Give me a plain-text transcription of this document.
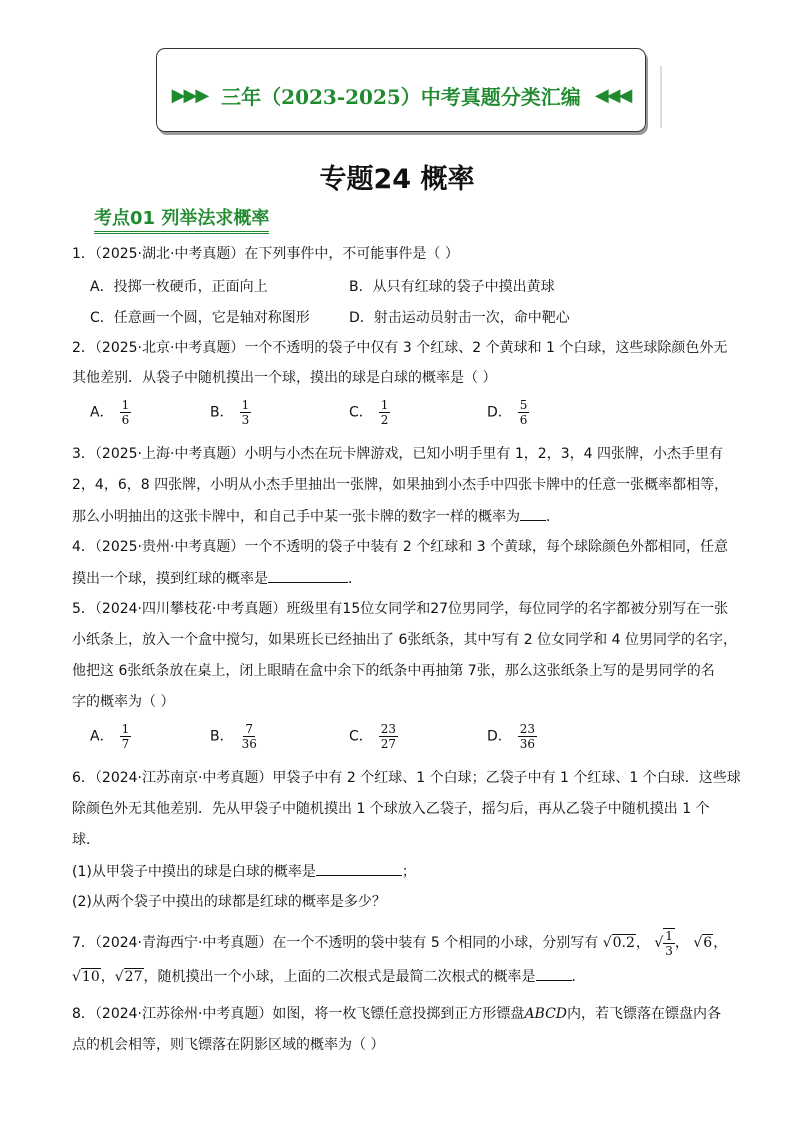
▶▶▶ 三年（2023-2025）中考真题分类汇编 ◀◀◀
专题24 概率
考点01 列举法求概率
1．（2025·湖北·中考真题）在下列事件中，不可能事件是（ ）
A．投掷一枚硬币，正面向上	B．从只有红球的袋子中摸出黄球
C．任意画一个圆，它是轴对称图形	D．射击运动员射击一次，命中靶心
2．（2025·北京·中考真题）一个不透明的袋子中仅有 3 个红球、2 个黄球和 1 个白球，这些球除颜色外无
其他差别．从袋子中随机摸出一个球，摸出的球是白球的概率是（ ）
A． $\frac{1}{6}$	B． $\frac{1}{3}$	C． $\frac{1}{2}$	D． $\frac{5}{6}$
3．（2025·上海·中考真题）小明与小杰在玩卡牌游戏，已知小明手里有 1，2，3，4 四张牌，小杰手里有
2，4，6，8 四张牌，小明从小杰手里抽出一张牌，如果抽到小杰手中四张卡牌中的任意一张概率都相等，
那么小明抽出的这张卡牌中，和自己手中某一张卡牌的数字一样的概率为 ．
4．（2025·贵州·中考真题）一个不透明的袋子中装有 2 个红球和 3 个黄球，每个球除颜色外都相同，任意
摸出一个球，摸到红球的概率是	．
5．（2024·四川攀枝花·中考真题）班级里有15位女同学和27位男同学，每位同学的名字都被分别写在一张
小纸条上，放入一个盒中搅匀，如果班长已经抽出了 6张纸条，其中写有 2 位女同学和 4 位男同学的名字，
他把这 6张纸条放在桌上，闭上眼睛在盒中余下的纸条中再抽第 7张，那么这张纸条上写的是男同学的名
字的概率为（ ）
A． $\frac{1}{7}$	B． $\frac{7}{36}$	C． $\frac{23}{27}$	D． $\frac{23}{36}$
6．（2024·江苏南京·中考真题）甲袋子中有 2 个红球、1 个白球；乙袋子中有 1 个红球、1 个白球．这些球
除颜色外无其他差别．先从甲袋子中随机摸出 1 个球放入乙袋子，摇匀后，再从乙袋子中随机摸出 1 个
球．
(1)从甲袋子中摸出的球是白球的概率是	；
(2)从两个袋子中摸出的球都是红球的概率是多少？
7．（2024·青海西宁·中考真题）在一个不透明的袋中装有 5 个相同的小球，分别写有 √0.2， √ $\frac{1}{3}$ ， √6，
√10，√27，随机摸出一个小球，上面的二次根式是最简二次根式的概率是	．
8．（2024·江苏徐州·中考真题）如图，将一枚飞镖任意投掷到正方形镖盘ABCD内，若飞镖落在镖盘内各
点的机会相等，则飞镖落在阴影区域的概率为（ ）
